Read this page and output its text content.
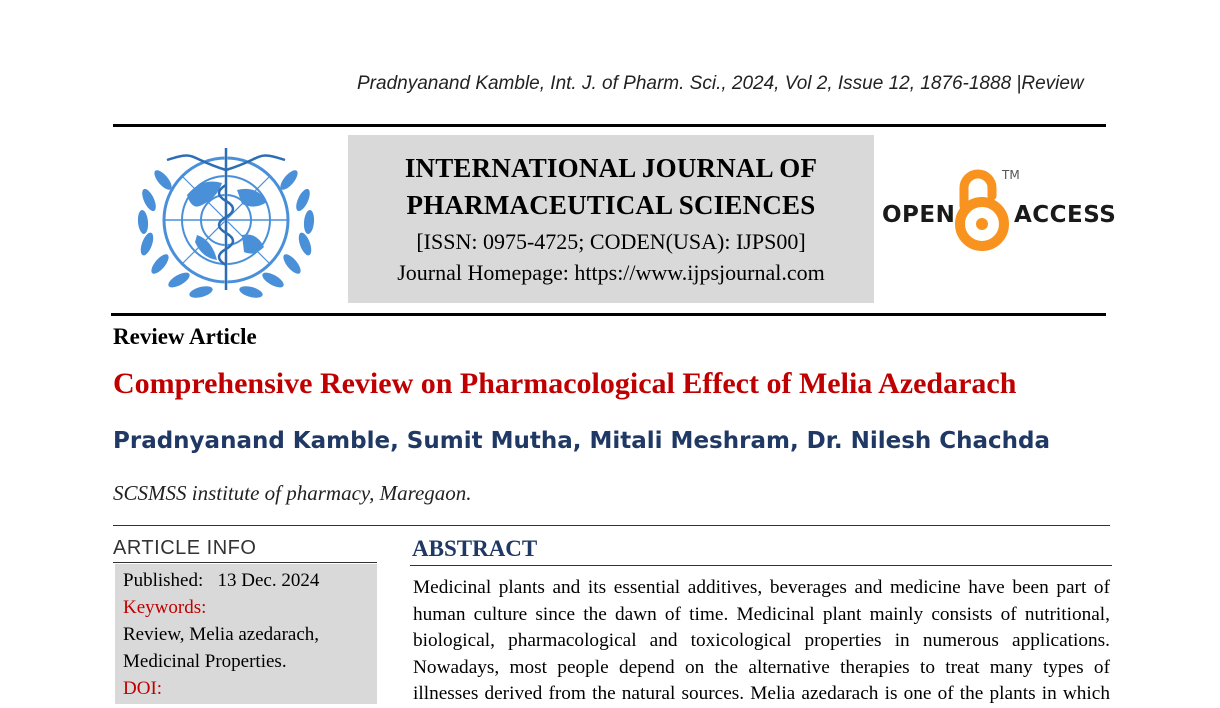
Pradnyanand Kamble, Int. J. of Pharm. Sci., 2024, Vol 2, Issue 12, 1876-1888 |Review
INTERNATIONAL JOURNAL OF
PHARMACEUTICAL SCIENCES
[ISSN: 0975-4725; CODEN(USA): IJPS00]
Journal Homepage: https://www.ijpsjournal.com
OPEN
TM
ACCESS
Review Article
Comprehensive Review on Pharmacological Effect of Melia Azedarach
Pradnyanand Kamble, Sumit Mutha, Mitali Meshram, Dr. Nilesh Chachda
SCSMSS institute of pharmacy, Maregaon.
ARTICLE INFO
Published: 13 Dec. 2024
Keywords:
Review, Melia azedarach,
Medicinal Properties.
DOI:
ABSTRACT
Medicinal plants and its essential additives, beverages and medicine have been part of
human culture since the dawn of time. Medicinal plant mainly consists of nutritional,
biological, pharmacological and toxicological properties in numerous applications.
Nowadays, most people depend on the alternative therapies to treat many types of
illnesses derived from the natural sources. Melia azedarach is one of the plants in which
